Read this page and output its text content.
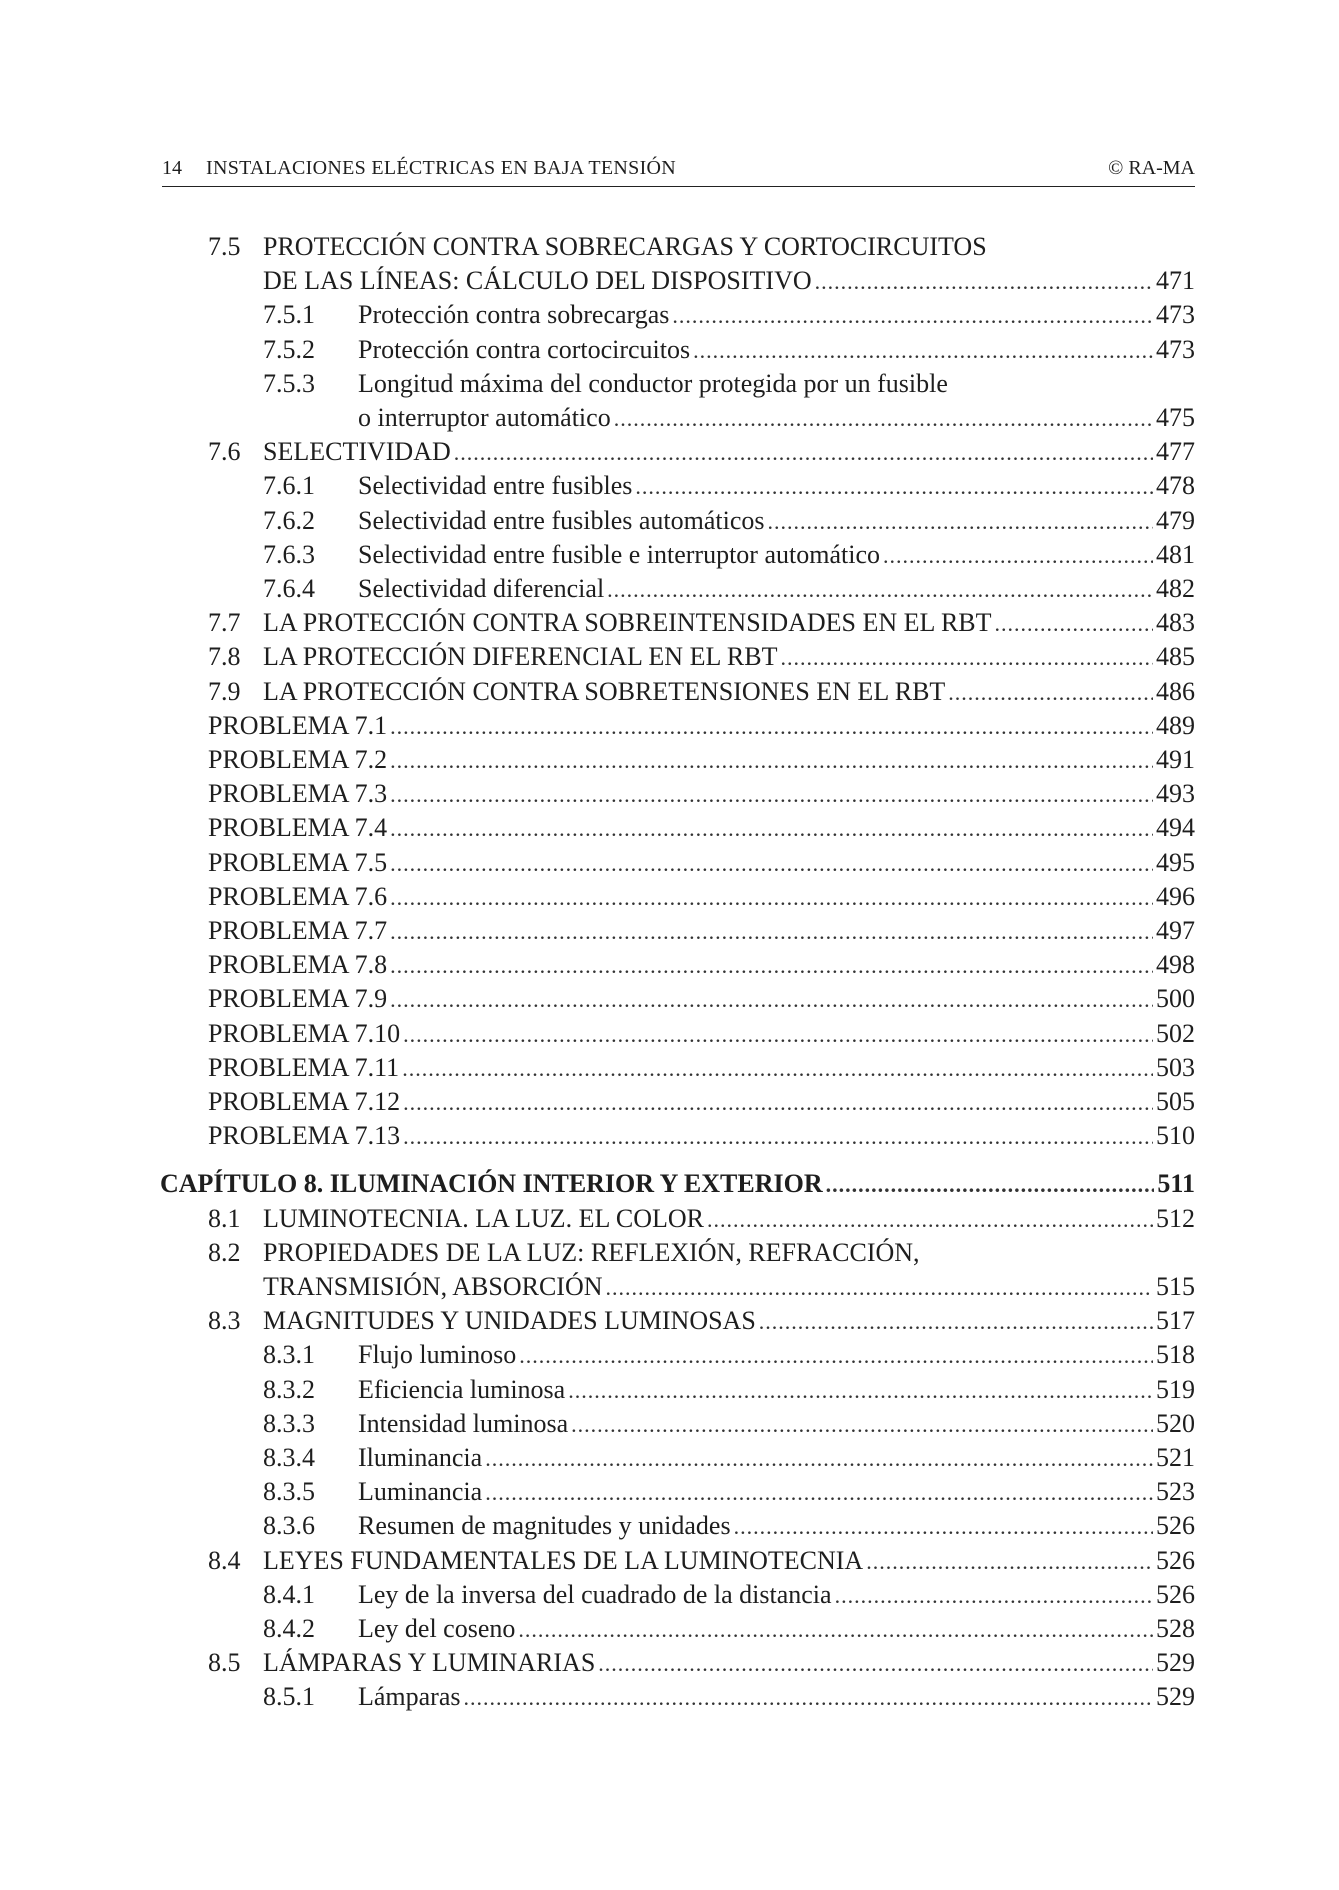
14 INSTALACIONES ELÉCTRICAS EN BAJA TENSIÓN	© RA-MA
7.5 PROTECCIÓN CONTRA SOBRECARGAS Y CORTOCIRCUITOS
DE LAS LÍNEAS: CÁLCULO DEL DISPOSITIVO .....	471
7.5.1 Protección contra sobrecargas .....	473
7.5.2 Protección contra cortocircuitos .....	473
7.5.3 Longitud máxima del conductor protegida por un fusible
o interruptor automático .....	475
7.6 SELECTIVIDAD .....	477
7.6.1 Selectividad entre fusibles .....	478
7.6.2 Selectividad entre fusibles automáticos .....	479
7.6.3 Selectividad entre fusible e interruptor automático .....	481
7.6.4 Selectividad diferencial .....	482
7.7 LA PROTECCIÓN CONTRA SOBREINTENSIDADES EN EL RBT .....	483
7.8 LA PROTECCIÓN DIFERENCIAL EN EL RBT .....	485
7.9 LA PROTECCIÓN CONTRA SOBRETENSIONES EN EL RBT .....	486
PROBLEMA 7.1 .....	489
PROBLEMA 7.2 .....	491
PROBLEMA 7.3 .....	493
PROBLEMA 7.4 .....	494
PROBLEMA 7.5 .....	495
PROBLEMA 7.6 .....	496
PROBLEMA 7.7 .....	497
PROBLEMA 7.8 .....	498
PROBLEMA 7.9 .....	500
PROBLEMA 7.10 .....	502
PROBLEMA 7.11 .....	503
PROBLEMA 7.12 .....	505
PROBLEMA 7.13 .....	510
CAPÍTULO 8. ILUMINACIÓN INTERIOR Y EXTERIOR .....	511
8.1 LUMINOTECNIA. LA LUZ. EL COLOR .....	512
8.2 PROPIEDADES DE LA LUZ: REFLEXIÓN, REFRACCIÓN,
TRANSMISIÓN, ABSORCIÓN .....	515
8.3 MAGNITUDES Y UNIDADES LUMINOSAS .....	517
8.3.1 Flujo luminoso .....	518
8.3.2 Eficiencia luminosa .....	519
8.3.3 Intensidad luminosa .....	520
8.3.4 Iluminancia .....	521
8.3.5 Luminancia .....	523
8.3.6 Resumen de magnitudes y unidades .....	526
8.4 LEYES FUNDAMENTALES DE LA LUMINOTECNIA .....	526
8.4.1 Ley de la inversa del cuadrado de la distancia .....	526
8.4.2 Ley del coseno .....	528
8.5 LÁMPARAS Y LUMINARIAS .....	529
8.5.1 Lámparas .....	529
